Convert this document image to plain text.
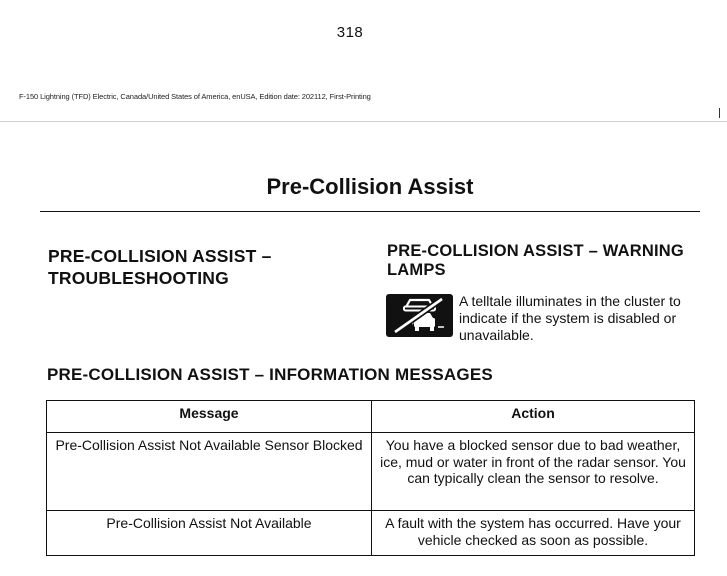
318
F-150 Lightning (TFD) Electric, Canada/United States of America, enUSA, Edition date: 202112, First-Printing
Pre-Collision Assist
PRE-COLLISION ASSIST – TROUBLESHOOTING
PRE-COLLISION ASSIST – WARNING LAMPS
A telltale illuminates in the cluster to indicate if the system is disabled or unavailable.
PRE-COLLISION ASSIST – INFORMATION MESSAGES
Message	Action
Pre-Collision Assist Not Available Sensor Blocked	You have a blocked sensor due to bad weather, ice, mud or water in front of the radar sensor. You can typically clean the sensor to resolve.
Pre-Collision Assist Not Available	A fault with the system has occurred. Have your vehicle checked as soon as possible.
